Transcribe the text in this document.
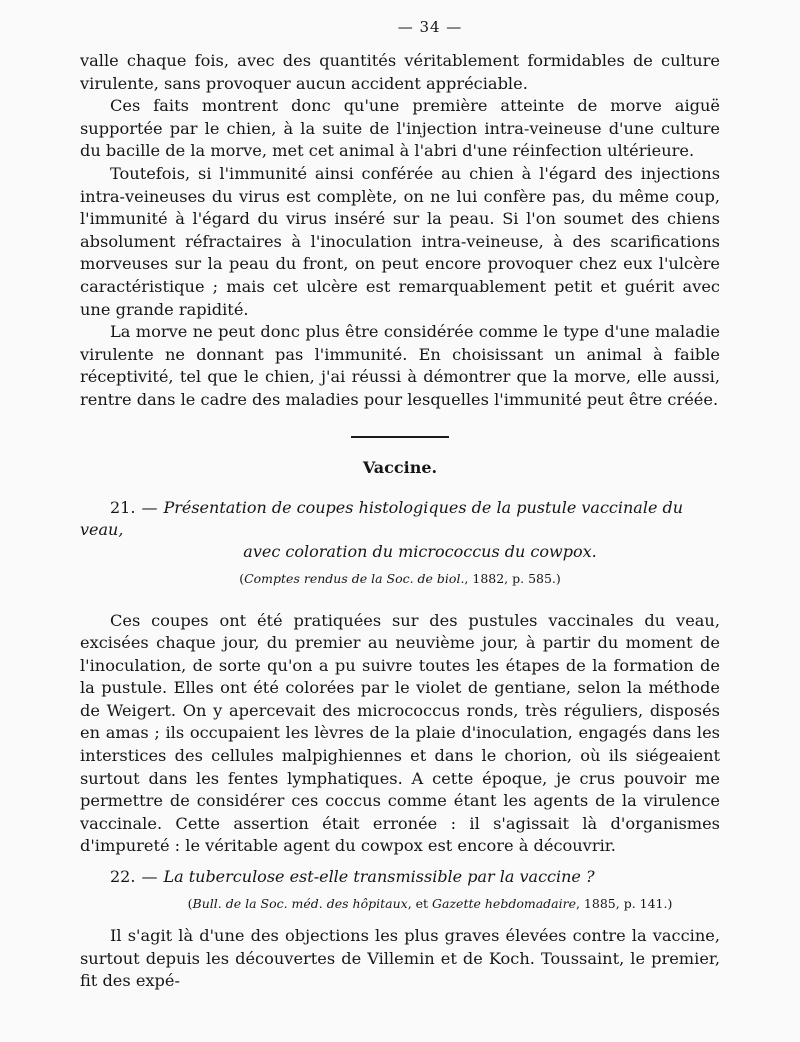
— 34 —

valle chaque fois, avec des quantités véritablement formidables de culture virulente, sans provoquer aucun accident appréciable.

Ces faits montrent donc qu'une première atteinte de morve aiguë supportée par le chien, à la suite de l'injection intra-veineuse d'une culture du bacille de la morve, met cet animal à l'abri d'une réinfection ultérieure.

Toutefois, si l'immunité ainsi conférée au chien à l'égard des injections intra-veineuses du virus est complète, on ne lui confère pas, du même coup, l'immunité à l'égard du virus inséré sur la peau. Si l'on soumet des chiens absolument réfractaires à l'inoculation intra-veineuse, à des scarifications morveuses sur la peau du front, on peut encore provoquer chez eux l'ulcère caractéristique ; mais cet ulcère est remarquablement petit et guérit avec une grande rapidité.

La morve ne peut donc plus être considérée comme le type d'une maladie virulente ne donnant pas l'immunité. En choisissant un animal à faible réceptivité, tel que le chien, j'ai réussi à démontrer que la morve, elle aussi, rentre dans le cadre des maladies pour lesquelles l'immunité peut être créée.

Vaccine.
21. — Présentation de coupes histologiques de la pustule vaccinale du veau,
avec coloration du micrococcus du cowpox.
(Comptes rendus de la Soc. de biol., 1882, p. 585.)

Ces coupes ont été pratiquées sur des pustules vaccinales du veau, excisées chaque jour, du premier au neuvième jour, à partir du moment de l'inoculation, de sorte qu'on a pu suivre toutes les étapes de la formation de la pustule. Elles ont été colorées par le violet de gentiane, selon la méthode de Weigert. On y apercevait des micrococcus ronds, très réguliers, disposés en amas ; ils occupaient les lèvres de la plaie d'inoculation, engagés dans les interstices des cellules malpighiennes et dans le chorion, où ils siégeaient surtout dans les fentes lymphatiques. A cette époque, je crus pouvoir me permettre de considérer ces coccus comme étant les agents de la virulence vaccinale. Cette assertion était erronée : il s'agissait là d'organismes d'impureté : le véritable agent du cowpox est encore à découvrir.

22. — La tuberculose est-elle transmissible par la vaccine ?
(Bull. de la Soc. méd. des hôpitaux, et Gazette hebdomadaire, 1885, p. 141.)

Il s'agit là d'une des objections les plus graves élevées contre la vaccine, surtout depuis les découvertes de Villemin et de Koch. Toussaint, le premier, fit des expé-
